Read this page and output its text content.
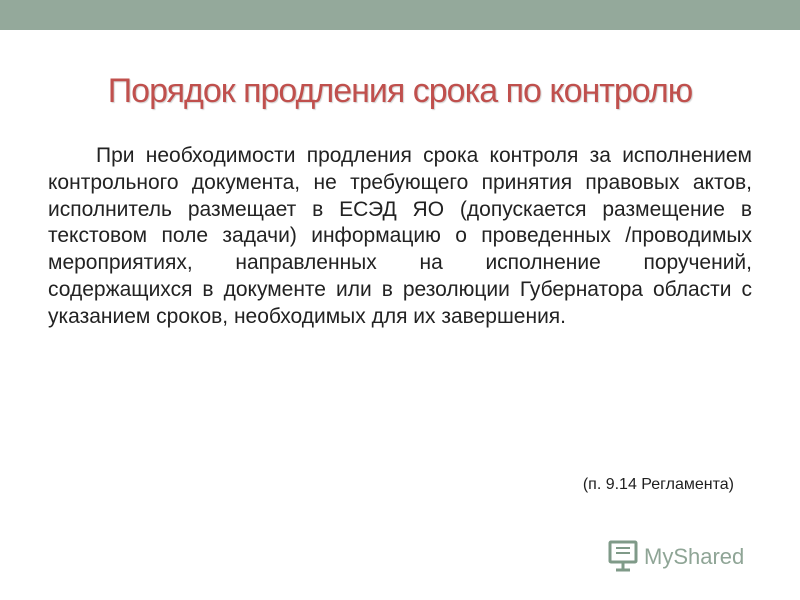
Порядок продления срока по контролю

При необходимости продления срока контроля за исполнением контрольного документа, не требующего принятия правовых актов, исполнитель размещает в ЕСЭД ЯО (допускается размещение в текстовом поле задачи) информацию о проведенных /проводимых мероприятиях, направленных на исполнение поручений, содержащихся в документе или в резолюции Губернатора области с указанием сроков, необходимых для их завершения.

(п. 9.14 Регламента)
MyShared
